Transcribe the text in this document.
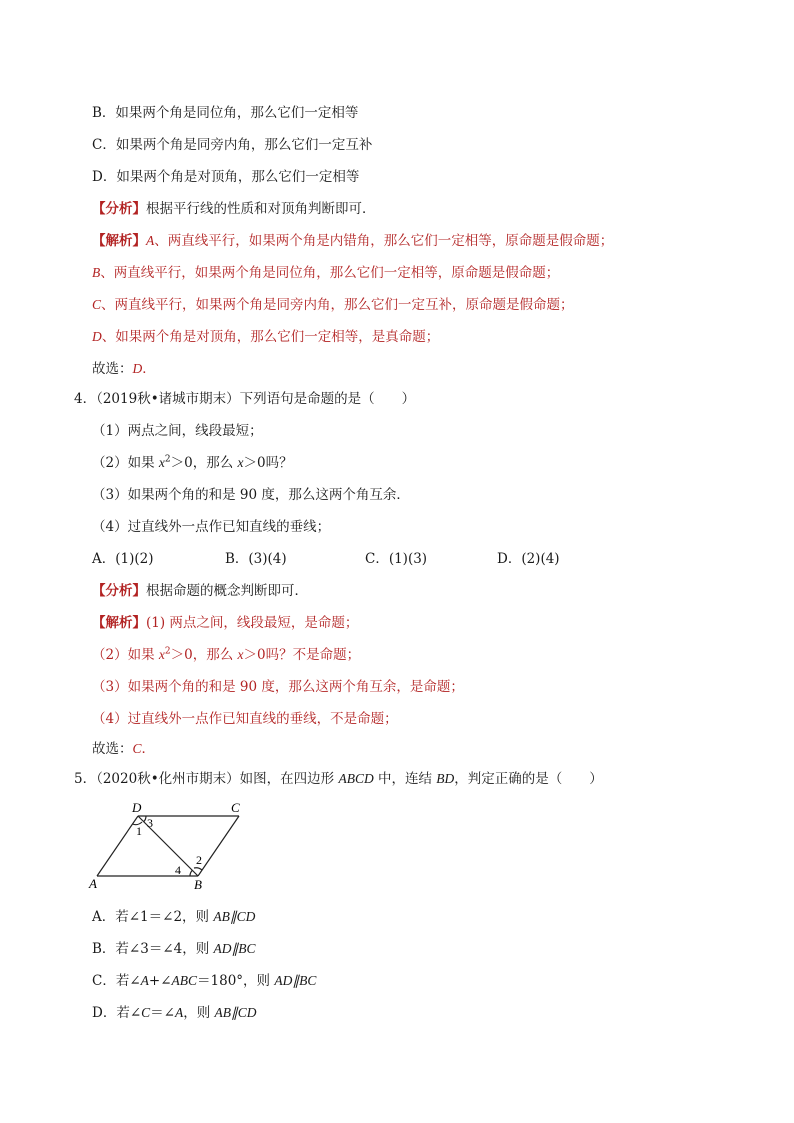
B．如果两个角是同位角，那么它们一定相等
C．如果两个角是同旁内角，那么它们一定互补
D．如果两个角是对顶角，那么它们一定相等
【分析】根据平行线的性质和对顶角判断即可．
【解析】A、两直线平行，如果两个角是内错角，那么它们一定相等，原命题是假命题；
B、两直线平行，如果两个角是同位角，那么它们一定相等，原命题是假命题；
C、两直线平行，如果两个角是同旁内角，那么它们一定互补，原命题是假命题；
D、如果两个角是对顶角，那么它们一定相等，是真命题；
故选：D．
4．（2019秋•诸城市期末）下列语句是命题的是（　　）
（1）两点之间，线段最短；
（2）如果 $x^2>0$，那么 x＞0吗？
（3）如果两个角的和是 90 度，那么这两个角互余．
（4）过直线外一点作已知直线的垂线；
A．(1)(2)	B．(3)(4)	C．(1)(3)	D．(2)(4)
【分析】根据命题的概念判断即可．
【解析】(1) 两点之间，线段最短，是命题；
（2）如果 $x^2>0$，那么 x＞0吗？不是命题；
（3）如果两个角的和是 90 度，那么这两个角互余，是命题；
（4）过直线外一点作已知直线的垂线，不是命题；
故选：C．
5．（2020秋•化州市期末）如图，在四边形 ABCD 中，连结 BD，判定正确的是（　　）
D	C
A	B
1
3
4
2
A．若∠1＝∠2，则 AB∥CD
B．若∠3＝∠4，则 AD∥BC
C．若∠A+∠ABC＝180°，则 AD∥BC
D．若∠C＝∠A，则 AB∥CD
